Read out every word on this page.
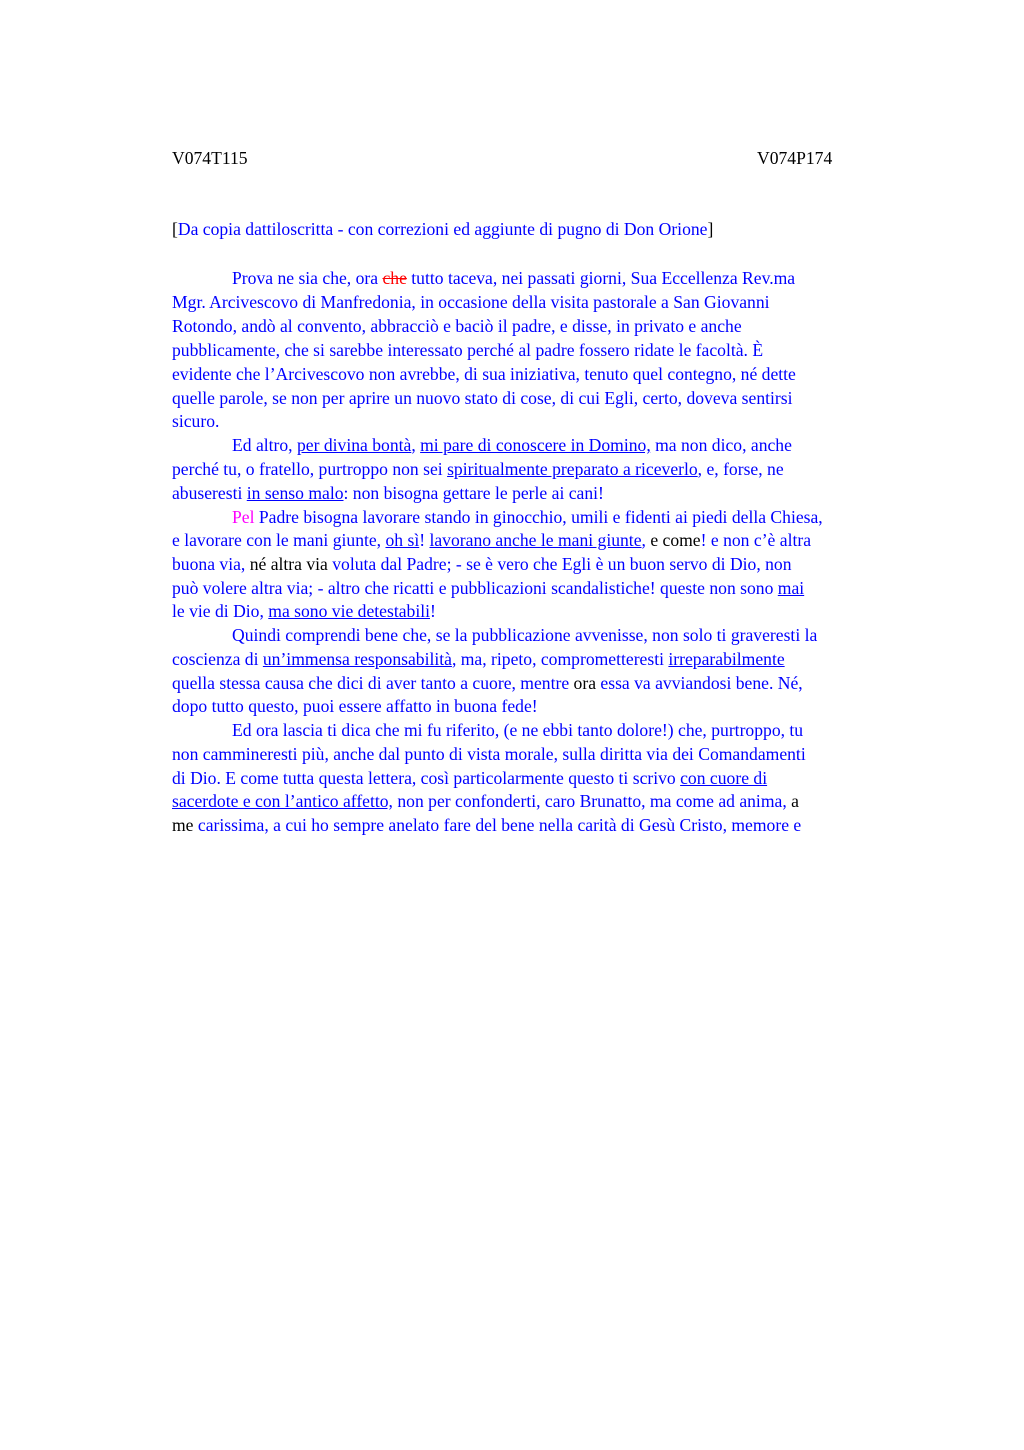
V074T115	V074P174
[Da copia dattiloscritta - con correzioni ed aggiunte di pugno di Don Orione]
Prova ne sia che, ora che tutto taceva, nei passati giorni, Sua Eccellenza Rev.ma
Mgr. Arcivescovo di Manfredonia, in occasione della visita pastorale a San Giovanni
Rotondo, andò al convento, abbracciò e baciò il padre, e disse, in privato e anche
pubblicamente, che si sarebbe interessato perché al padre fossero ridate le facoltà. È
evidente che l’Arcivescovo non avrebbe, di sua iniziativa, tenuto quel contegno, né dette
quelle parole, se non per aprire un nuovo stato di cose, di cui Egli, certo, doveva sentirsi
sicuro.
Ed altro, per divina bontà, mi pare di conoscere in Domino, ma non dico, anche
perché tu, o fratello, purtroppo non sei spiritualmente preparato a riceverlo, e, forse, ne
abuseresti in senso malo: non bisogna gettare le perle ai cani!
Pel Padre bisogna lavorare stando in ginocchio, umili e fidenti ai piedi della Chiesa,
e lavorare con le mani giunte, oh sì! lavorano anche le mani giunte, e come! e non c’è altra
buona via, né altra via voluta dal Padre; - se è vero che Egli è un buon servo di Dio, non
può volere altra via; - altro che ricatti e pubblicazioni scandalistiche! queste non sono mai
le vie di Dio, ma sono vie detestabili!
Quindi comprendi bene che, se la pubblicazione avvenisse, non solo ti graveresti la
coscienza di un’immensa responsabilità, ma, ripeto, comprometteresti irreparabilmente
quella stessa causa che dici di aver tanto a cuore, mentre ora essa va avviandosi bene. Né,
dopo tutto questo, puoi essere affatto in buona fede!
Ed ora lascia ti dica che mi fu riferito, (e ne ebbi tanto dolore!) che, purtroppo, tu
non cammineresti più, anche dal punto di vista morale, sulla diritta via dei Comandamenti
di Dio. E come tutta questa lettera, così particolarmente questo ti scrivo con cuore di
sacerdote e con l’antico affetto, non per confonderti, caro Brunatto, ma come ad anima, a
me carissima, a cui ho sempre anelato fare del bene nella carità di Gesù Cristo, memore e
